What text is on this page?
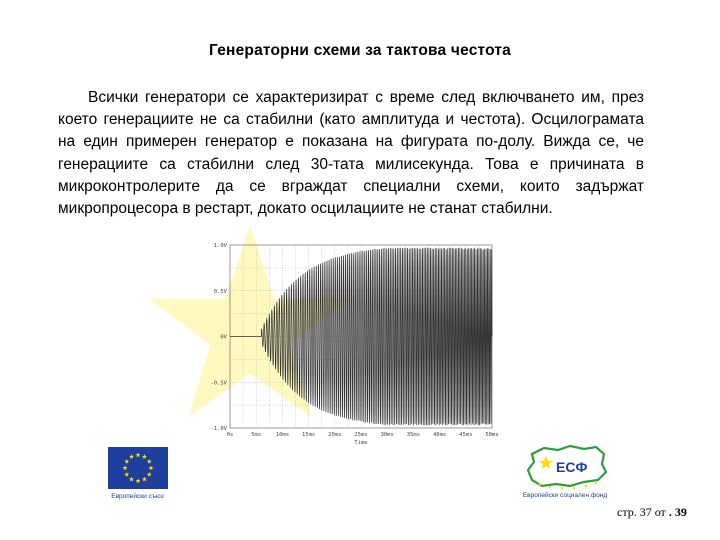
Генераторни схеми за тактова честота
Всички генератори се характеризират с време след включването им, през което генерациите не са стабилни (като амплитуда и честота). Осцилограмата на един примерен генератор е показана на фигурата по-долу. Вижда се, че генерациите са стабилни след 30-тата милисекунда. Това е причината в микроконтролерите да се вграждат специални схеми, които задържат микропроцесора в рестарт, докато осцилациите не станат стабилни.
1.0V
0.5V
0V
-0.5V
-1.0V
0s	5ms	10ms 15ms 20ms 25ms 30ms 35ms 40ms 45ms 50ms
Time
Европейски съюз
ЕСФ
Европейски социален фонд
стр. 37 от . 39
